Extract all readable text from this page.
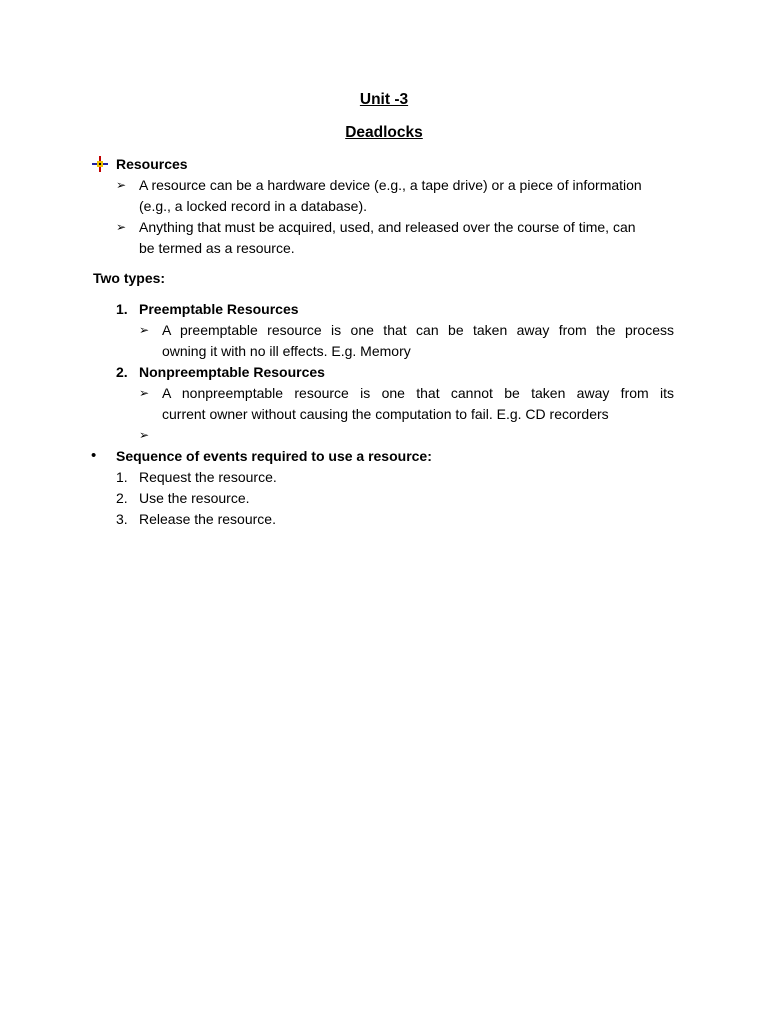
Unit -3
Deadlocks
Resources
➢ A resource can be a hardware device (e.g., a tape drive) or a piece of information
(e.g., a locked record in a database).
➢ Anything that must be acquired, used, and released over the course of time, can
be termed as a resource.
Two types:
1. Preemptable Resources
➢ A preemptable resource is one that can be taken away from the process
owning it with no ill effects. E.g. Memory
2. Nonpreemptable Resources
➢ A nonpreemptable resource is one that cannot be taken away from its
current owner without causing the computation to fail. E.g. CD recorders
➢
• Sequence of events required to use a resource:
1. Request the resource.
2. Use the resource.
3. Release the resource.
